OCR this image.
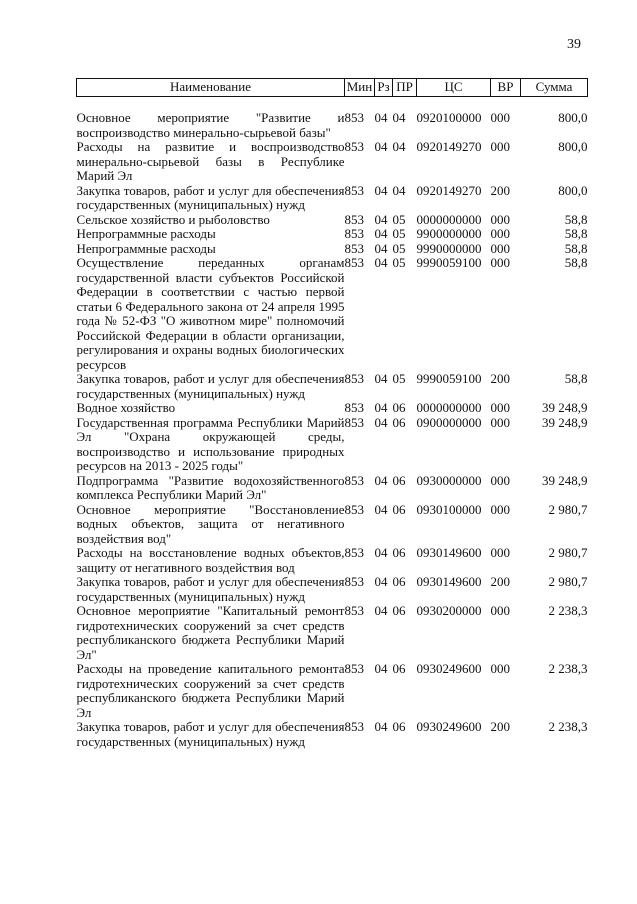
39
Наименование	Мин	Рз	ПР	ЦС	ВР	Сумма

Основное мероприятие "Развитие и воспроизводство минерально-сырьевой базы"	853	04	04	0920100000	000	800,0
Расходы на развитие и воспроизводство минерально-сырьевой базы в Республике Марий Эл	853	04	04	0920149270	000	800,0
Закупка товаров, работ и услуг для обеспечения государственных (муниципальных) нужд	853	04	04	0920149270	200	800,0
Сельское хозяйство и рыболовство	853	04	05	0000000000	000	58,8
Непрограммные расходы	853	04	05	9900000000	000	58,8
Непрограммные расходы	853	04	05	9990000000	000	58,8
Осуществление переданных органам государственной власти субъектов Российской Федерации в соответствии с частью первой статьи 6 Федерального закона от 24 апреля 1995 года № 52-ФЗ "О животном мире" полномочий Российской Федерации в области организации, регулирования и охраны водных биологических ресурсов	853	04	05	9990059100	000	58,8
Закупка товаров, работ и услуг для обеспечения государственных (муниципальных) нужд	853	04	05	9990059100	200	58,8
Водное хозяйство	853	04	06	0000000000	000	39 248,9
Государственная программа Республики Марий Эл "Охрана окружающей среды, воспроизводство и использование природных ресурсов на 2013 - 2025 годы"	853	04	06	0900000000	000	39 248,9
Подпрограмма "Развитие водохозяйственного комплекса Республики Марий Эл"	853	04	06	0930000000	000	39 248,9
Основное мероприятие "Восстановление водных объектов, защита от негативного воздействия вод"	853	04	06	0930100000	000	2 980,7
Расходы на восстановление водных объектов, защиту от негативного воздействия вод	853	04	06	0930149600	000	2 980,7
Закупка товаров, работ и услуг для обеспечения государственных (муниципальных) нужд	853	04	06	0930149600	200	2 980,7
Основное мероприятие "Капитальный ремонт гидротехнических сооружений за счет средств республиканского бюджета Республики Марий Эл"	853	04	06	0930200000	000	2 238,3
Расходы на проведение капитального ремонта гидротехнических сооружений за счет средств республиканского бюджета Республики Марий Эл	853	04	06	0930249600	000	2 238,3
Закупка товаров, работ и услуг для обеспечения государственных (муниципальных) нужд	853	04	06	0930249600	200	2 238,3
